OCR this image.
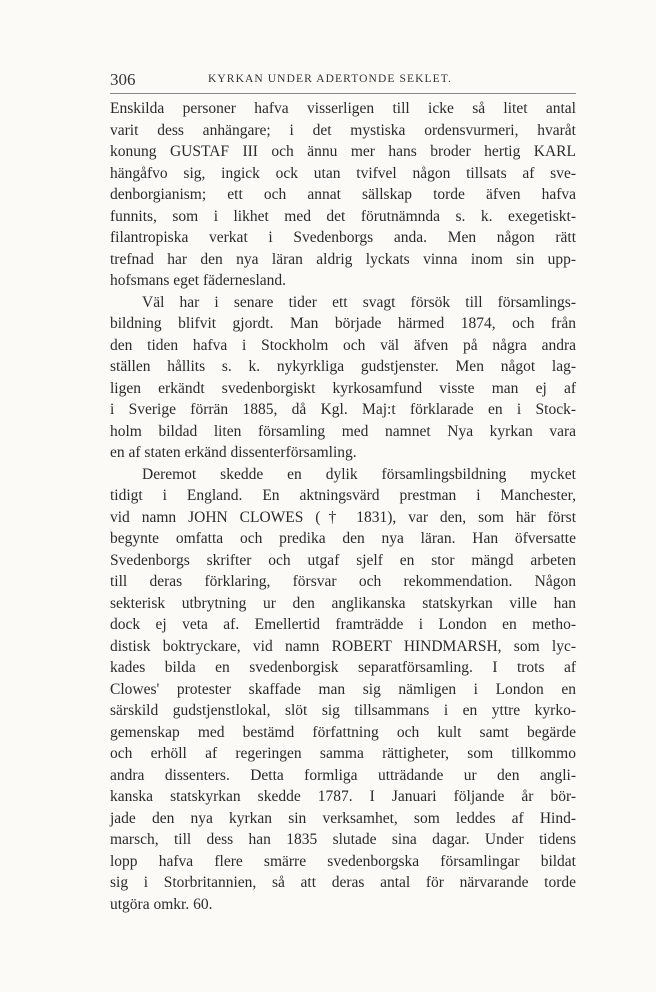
306	KYRKAN UNDER ADERTONDE SEKLET.
Enskilda personer hafva visserligen till icke så litet antal
varit dess anhängare; i det mystiska ordensvurmeri, hvaråt
konung GUSTAF III och ännu mer hans broder hertig KARL
hängåfvo sig, ingick ock utan tvifvel någon tillsats af sve-
denborgianism; ett och annat sällskap torde äfven hafva
funnits, som i likhet med det förutnämnda s. k. exegetiskt-
filantropiska verkat i Svedenborgs anda. Men någon rätt
trefnad har den nya läran aldrig lyckats vinna inom sin upp-
hofsmans eget fädernesland.
Väl har i senare tider ett svagt försök till församlings-
bildning blifvit gjordt. Man började härmed 1874, och från
den tiden hafva i Stockholm och väl äfven på några andra
ställen hållits s. k. nykyrkliga gudstjenster. Men något lag-
ligen erkändt svedenborgiskt kyrkosamfund visste man ej af
i Sverige förrän 1885, då Kgl. Maj:t förklarade en i Stock-
holm bildad liten församling med namnet Nya kyrkan vara
en af staten erkänd dissenterförsamling.
Deremot skedde en dylik församlingsbildning mycket
tidigt i England. En aktningsvärd prestman i Manchester,
vid namn JOHN CLOWES († 1831), var den, som här först
begynte omfatta och predika den nya läran. Han öfversatte
Svedenborgs skrifter och utgaf sjelf en stor mängd arbeten
till deras förklaring, försvar och rekommendation. Någon
sekterisk utbrytning ur den anglikanska statskyrkan ville han
dock ej veta af. Emellertid framträdde i London en metho-
distisk boktryckare, vid namn ROBERT HINDMARSH, som lyc-
kades bilda en svedenborgisk separatförsamling. I trots af
Clowes' protester skaffade man sig nämligen i London en
särskild gudstjenstlokal, slöt sig tillsammans i en yttre kyrko-
gemenskap med bestämd författning och kult samt begärde
och erhöll af regeringen samma rättigheter, som tillkommo
andra dissenters. Detta formliga utträdande ur den angli-
kanska statskyrkan skedde 1787. I Januari följande år bör-
jade den nya kyrkan sin verksamhet, som leddes af Hind-
marsch, till dess han 1835 slutade sina dagar. Under tidens
lopp hafva flere smärre svedenborgska församlingar bildat
sig i Storbritannien, så att deras antal för närvarande torde
utgöra omkr. 60.
